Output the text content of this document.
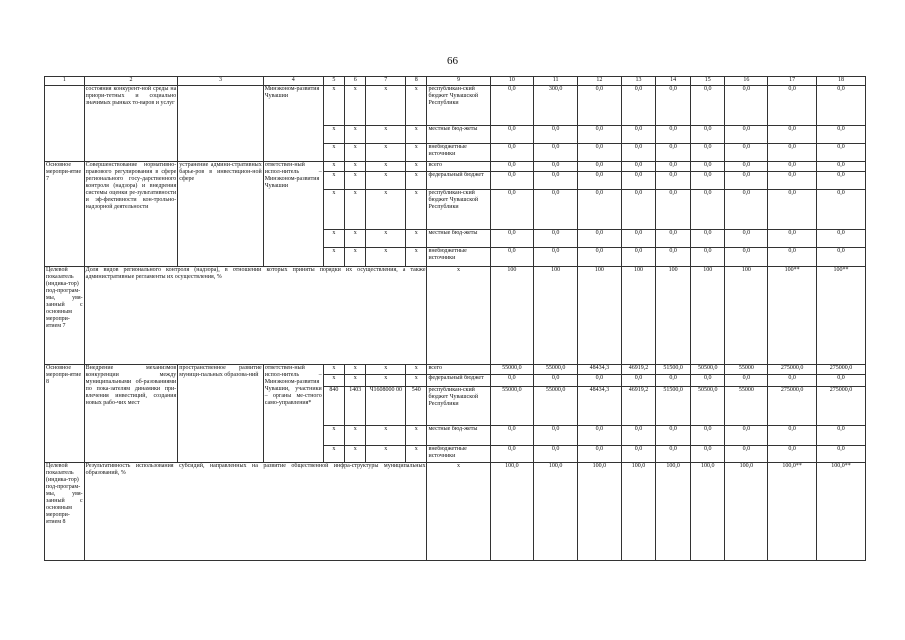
66
1	2	3	4	5	6	7	8	9	10	11	12	13	14	15	16	17	18
	состояния конкурент-ной среды на приори-тетных и социально значимых рынках то-варов и услуг		Минэконом-развития Чувашии	x	x	x	x	республикан-ский бюджет Чувашской Республики	0,0	300,0	0,0	0,0	0,0	0,0	0,0	0,0	0,0
				x	x	x	x	местные бюд-жеты	0,0	0,0	0,0	0,0	0,0	0,0	0,0	0,0	0,0
				x	x	x	x	внебюджетные источники	0,0	0,0	0,0	0,0	0,0	0,0	0,0	0,0	0,0
Основное меропри-ятие 7	Совершенствование нормативно-правового регулирования в сфере регионального госу-дарственного контроля (надзора) и внедрения системы оценки ре-зультативности и эф-фективности кон-трольно-надзорной деятельности	устранение админи-стративных барье-ров в инвестицион-ной сфере	ответствен-ный испол-нитель – Минэконом-развития Чувашии	x	x	x	x	всего	0,0	0,0	0,0	0,0	0,0	0,0	0,0	0,0	0,0
				x	x	x	x	федеральный бюджет	0,0	0,0	0,0	0,0	0,0	0,0	0,0	0,0	0,0
				x	x	x	x	республикан-ский бюджет Чувашской Республики	0,0	0,0	0,0	0,0	0,0	0,0	0,0	0,0	0,0
				x	x	x	x	местные бюд-жеты	0,0	0,0	0,0	0,0	0,0	0,0	0,0	0,0	0,0
				x	x	x	x	внебюджетные источники	0,0	0,0	0,0	0,0	0,0	0,0	0,0	0,0	0,0
Целевой показатель (индика-тор) под-програм-мы, увя-занный с основным меропри-ятием 7	Доля видов регионального контроля (надзора), в отношении которых приняты порядки их осуществления, а также административные регламенты их осуществления, %							x	100	100	100	100	100	100	100	100**	100**
Основное меропри-ятие 8	Внедрение механизмов конкуренции между муниципальными об-разованиями по пока-зателям динамики при-влечения инвестиций, создания новых рабо-чих мест	пространственное развитие муници-пальных образова-ний	ответствен-ный испол-нитель – Минэконом-развития Чувашии, участники – органы ме-стного само-управления*	x	x	x	x	всего	55000,0	55000,0	48434,3	46919,2	51500,0	50500,0	55000	275000,0	275000,0
				x	x	x	x	федеральный бюджет	0,0	0,0	0,0	0,0	0,0	0,0	0,0	0,0	0,0
				840	1403	Ч1608000 00	540	республикан-ский бюджет Чувашской Республики	55000,0	55000,0	48434,3	46919,2	51500,0	50500,0	55000	275000,0	275000,0
				x	x	x	x	местные бюд-жеты	0,0	0,0	0,0	0,0	0,0	0,0	0,0	0,0	0,0
				x	x	x	x	внебюджетные источники	0,0	0,0	0,0	0,0	0,0	0,0	0,0	0,0	0,0
Целевой показатель (индика-тор) под-програм-мы, увя-занный с основным меропри-ятием 8	Результативность использования субсидий, направленных на развитие общественной инфра-структуры муниципальных образований, %							x	100,0	100,0	100,0	100,0	100,0	100,0	100,0	100,0**	100,0**
